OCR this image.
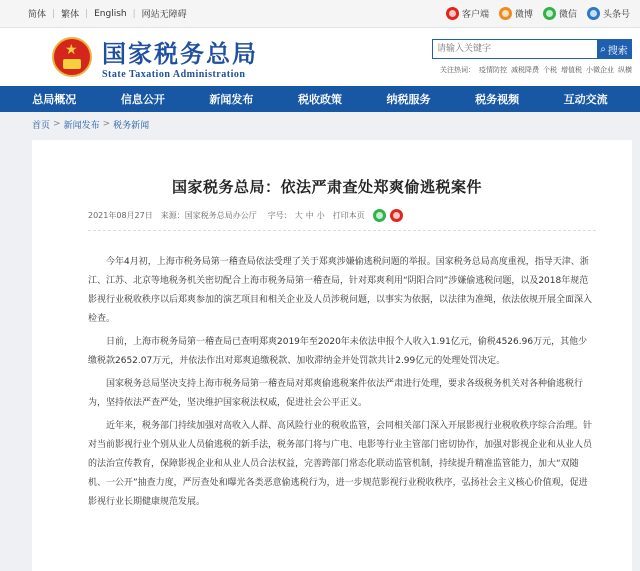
简体 | 繁体 | English | 网站无障碍	客户端	微博	微信	头条号
★
国家税务总局
State Taxation Administration
请输入关键字
⌕ 搜索
关注热词： 疫情防控 减税降费 个税 增值税 小微企业 纵横
总局概况	信息公开	新闻发布	税收政策	纳税服务	税务视频	互动交流
首页 > 新闻发布 > 税务新闻
国家税务总局：依法严肃查处郑爽偷逃税案件
2021年08月27日 来源：国家税务总局办公厅	字号： 大 中 小 打印本页

今年4月初，上海市税务局第一稽查局依法受理了关于郑爽涉嫌偷逃税问题的举报。国家税务总局高度重视，指导天津、浙江、江苏、北京等地税务机关密切配合上海市税务局第一稽查局，针对郑爽利用“阴阳合同”涉嫌偷逃税问题，以及2018年规范影视行业税收秩序以后郑爽参加的演艺项目和相关企业及人员涉税问题，以事实为依据，以法律为准绳，依法依规开展全面深入检查。

日前，上海市税务局第一稽查局已查明郑爽2019年至2020年未依法申报个人收入1.91亿元，偷税4526.96万元，其他少缴税款2652.07万元，并依法作出对郑爽追缴税款、加收滞纳金并处罚款共计2.99亿元的处理处罚决定。

国家税务总局坚决支持上海市税务局第一稽查局对郑爽偷逃税案件依法严肃进行处理，要求各级税务机关对各种偷逃税行为，坚持依法严查严处，坚决维护国家税法权威，促进社会公平正义。

近年来，税务部门持续加强对高收入人群、高风险行业的税收监管，会同相关部门深入开展影视行业税收秩序综合治理。针对当前影视行业个别从业人员偷逃税的新手法，税务部门将与广电、电影等行业主管部门密切协作，加强对影视企业和从业人员的法治宣传教育，保障影视企业和从业人员合法权益，完善跨部门常态化联动监管机制，持续提升精准监管能力，加大“双随机、一公开”抽查力度，严厉查处和曝光各类恶意偷逃税行为，进一步规范影视行业税收秩序，弘扬社会主义核心价值观，促进影视行业长期健康规范发展。
